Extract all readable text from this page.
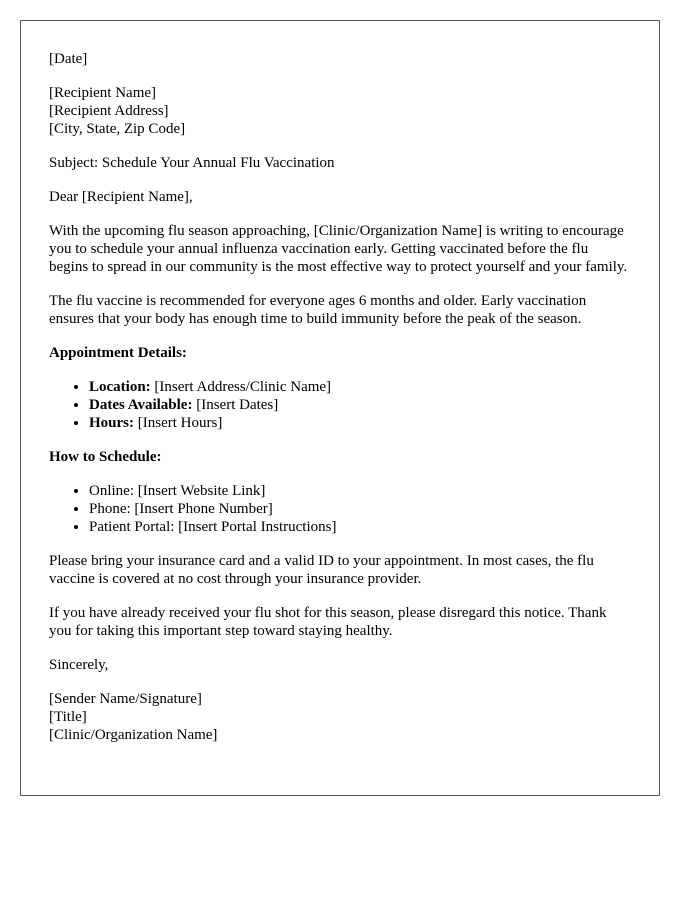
[Date]

[Recipient Name]
[Recipient Address]
[City, State, Zip Code]

Subject: Schedule Your Annual Flu Vaccination

Dear [Recipient Name],

With the upcoming flu season approaching, [Clinic/Organization Name] is writing to encourage you to schedule your annual influenza vaccination early. Getting vaccinated before the flu begins to spread in our community is the most effective way to protect yourself and your family.

The flu vaccine is recommended for everyone ages 6 months and older. Early vaccination ensures that your body has enough time to build immunity before the peak of the season.

Appointment Details:

• Location: [Insert Address/Clinic Name]
• Dates Available: [Insert Dates]
• Hours: [Insert Hours]

How to Schedule:

• Online: [Insert Website Link]
• Phone: [Insert Phone Number]
• Patient Portal: [Insert Portal Instructions]

Please bring your insurance card and a valid ID to your appointment. In most cases, the flu vaccine is covered at no cost through your insurance provider.

If you have already received your flu shot for this season, please disregard this notice. Thank you for taking this important step toward staying healthy.

Sincerely,

[Sender Name/Signature]
[Title]
[Clinic/Organization Name]
